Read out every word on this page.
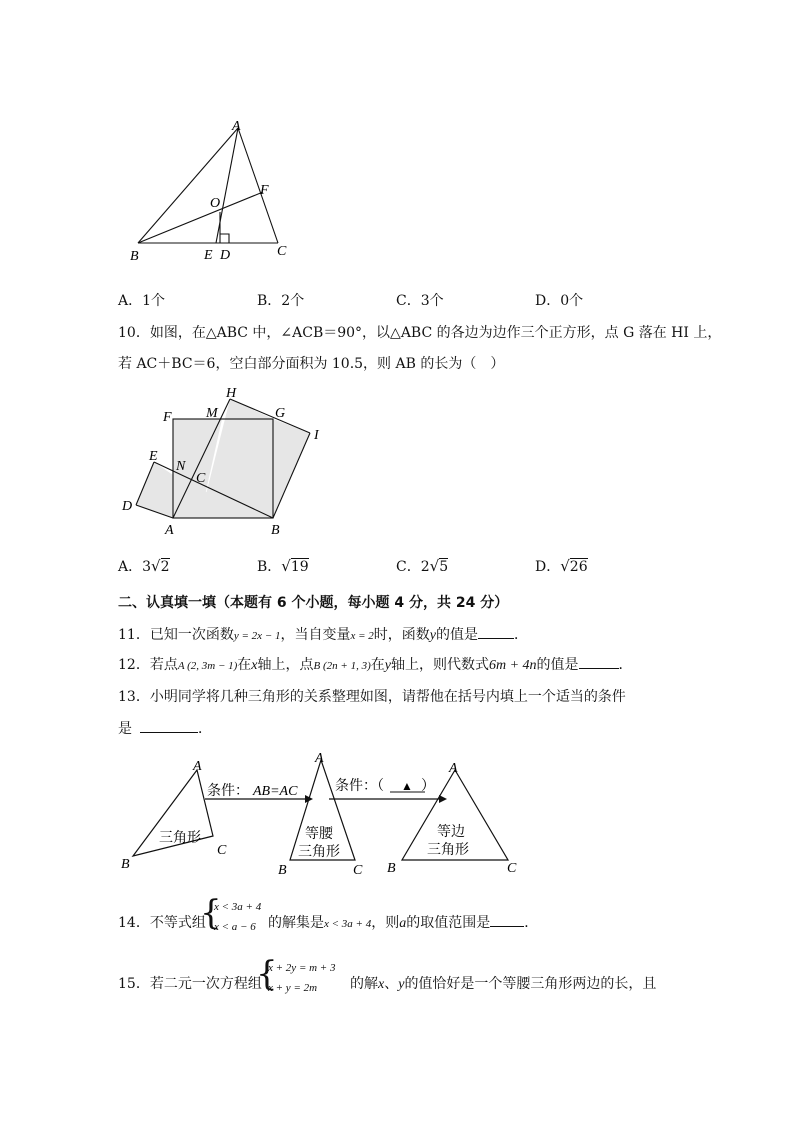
A
B	C
E D
F
O
A．1个	B．2个	C．3个	D．0个
10．如图，在△ABC 中，∠ACB＝90°，以△ABC 的各边为边作三个正方形，点 G 落在 HI 上，
若 AC＋BC＝6，空白部分面积为 10.5，则 AB 的长为（　）
H
M	G
I
F
E
N
C
D
A	B
A．3√2	B．√19	C．2√5	D．√26
二、认真填一填（本题有 6 个小题，每小题 4 分，共 24 分）
11．已知一次函数y = 2x − 1，当自变量x = 2时，函数y的值是	．
12．若点A (2, 3m − 1)在x轴上，点B (2n + 1, 3)在y轴上，则代数式6m + 4n的值是	．
13．小明同学将几种三角形的关系整理如图，请帮他在括号内填上一个适当的条件
是	．
A
B
C
三角形
条件： AB=AC
A
B	C
等腰
三角形
条件：（ ▲ ）
A
B	C
等边
三角形
14．不等式组
{
x < 3a + 4
x < a − 6 的解集是x < 3a + 4，则a的取值范围是 ．
15．若二元一次方程组
{
x + 2y = m + 3
x + y = 2m	的解x、y的值恰好是一个等腰三角形两边的长，且
